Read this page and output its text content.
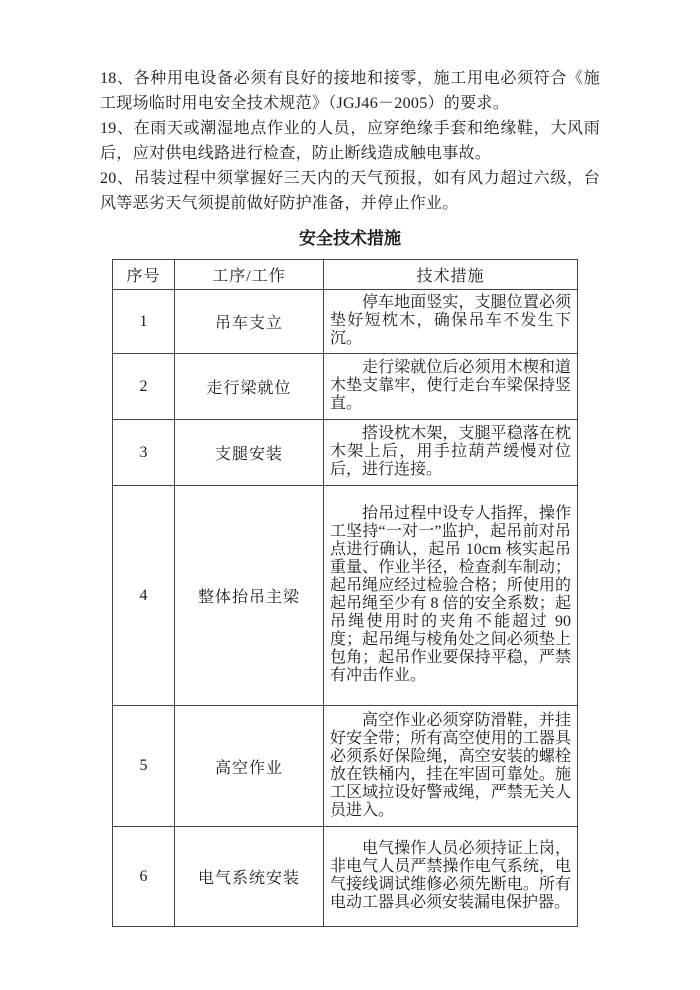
18、各种用电设备必须有良好的接地和接零，施工用电必须符合《施工现场临时用电安全技术规范》（JGJ46－2005）的要求。

19、在雨天或潮湿地点作业的人员，应穿绝缘手套和绝缘鞋，大风雨后，应对供电线路进行检查，防止断线造成触电事故。

20、吊装过程中须掌握好三天内的天气预报，如有风力超过六级，台风等恶劣天气须提前做好防护准备，并停止作业。

安全技术措施
序号	工序/工作	技术措施
1	吊车支立	停车地面竖实，支腿位置必须垫好短枕木，确保吊车不发生下沉。
2	走行梁就位	走行梁就位后必须用木楔和道木垫支靠牢，使行走台车梁保持竖直。
3	支腿安装	搭设枕木架，支腿平稳落在枕木架上后，用手拉葫芦缓慢对位后，进行连接。
4	整体抬吊主梁	抬吊过程中设专人指挥，操作工坚持“一对一”监护，起吊前对吊点进行确认，起吊 10cm 核实起吊重量、作业半径，检查刹车制动；起吊绳应经过检验合格；所使用的起吊绳至少有 8 倍的安全系数；起吊绳使用时的夹角不能超过 90 度；起吊绳与棱角处之间必须垫上包角；起吊作业要保持平稳，严禁有冲击作业。
5	高空作业	高空作业必须穿防滑鞋，并挂好安全带；所有高空使用的工器具必须系好保险绳，高空安装的螺栓放在铁桶内，挂在牢固可靠处。施工区域拉设好警戒绳，严禁无关人员进入。
6	电气系统安装	电气操作人员必须持证上岗，非电气人员严禁操作电气系统，电气接线调试维修必须先断电。所有电动工器具必须安装漏电保护器。
